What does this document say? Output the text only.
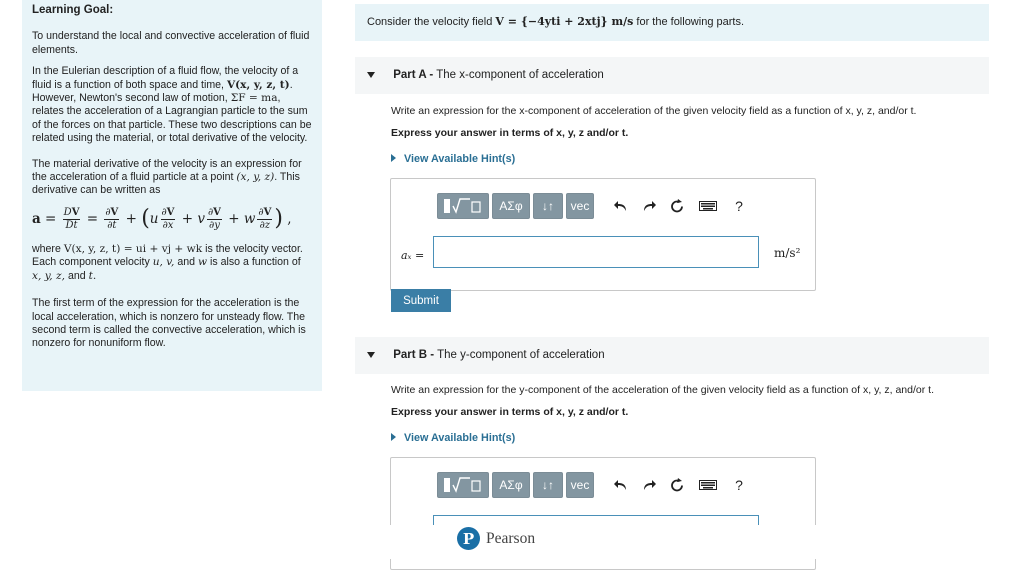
Learning Goal:

To understand the local and convective acceleration of fluid elements.

In the Eulerian description of a fluid flow, the velocity of a fluid is a function of both space and time, V(x, y, z, t). However, Newton's second law of motion, ΣF = ma, relates the acceleration of a Lagrangian particle to the sum of the forces on that particle. These two descriptions can be related using the material, or total derivative of the velocity.

The material derivative of the velocity is an expression for the acceleration of a fluid particle at a point (x, y, z). This derivative can be written as

$a = \frac{DV}{Dt} = \frac{\partial V}{\partial t}$ + ( u $\frac{\partial V}{\partial x} + v \frac{\partial V}{\partial y} + w \frac{\partial V}{\partial z}$ ) ,

where V(x, y, z, t) = ui + vj + wk is the velocity vector. Each component velocity u, v, and w is also a function of x, y, z, and t.

The first term of the expression for the acceleration is the local acceleration, which is nonzero for unsteady flow. The second term is called the convective acceleration, which is nonzero for nonuniform flow.

Consider the velocity field V = {−4yti + 2xtj} m/s for the following parts.
Part A - The x-component of acceleration
Write an expression for the x-component of acceleration of the given velocity field as a function of x, y, z, and/or t.
Express your answer in terms of x, y, z and/or t.
View Available Hint(s)
ΑΣφ	↓↑	vec	?
aₓ =	m/s²
Submit
Part B - The y-component of acceleration
Write an expression for the y-component of the acceleration of the given velocity field as a function of x, y, z, and/or t.
Express your answer in terms of x, y, z and/or t.
View Available Hint(s)
ΑΣφ	↓↑	vec	?
P Pearson
